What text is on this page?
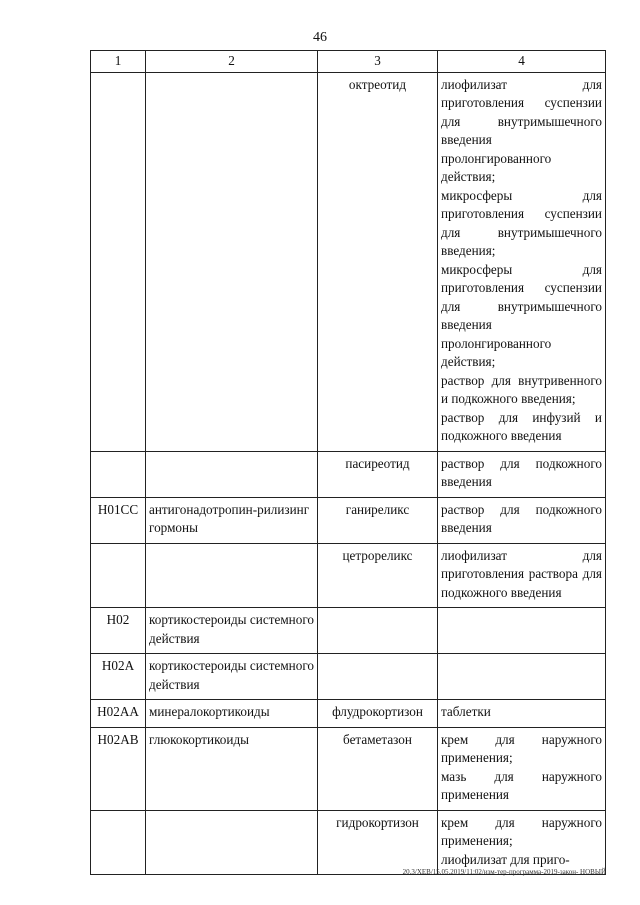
46
1	2	3	4
		октреотид	лиофилизат для приготовления суспензии для внутримышечного введения пролонгированного действия;
микросферы для приготовления суспензии для внутримышечного введения;
микросферы для приготовления суспензии для внутримышечного введения пролонгированного действия;
раствор для внутривенного и подкожного введения;
раствор для инфузий и подкожного введения

		пасиреотид	раствор для подкожного введения

H01CC	антигонадотропин-рилизинг гормоны	ганиреликс	раствор для подкожного введения

		цетрореликс	лиофилизат для приготовления раствора для подкожного введения

H02	кортикостероиды системного действия		
H02A	кортикостероиды системного действия		
H02AA	минералокортикоиды	флудрокортизон	таблетки

H02AB	глюкокортикоиды	бетаметазон	крем для наружного применения;
мазь для наружного применения

		гидрокортизон	крем для наружного применения;
лиофилизат для приго-
20.3/ХЕВ/15.05.2019/11:02/изм-тер-программа-2019-закон- НОВЫЙ
